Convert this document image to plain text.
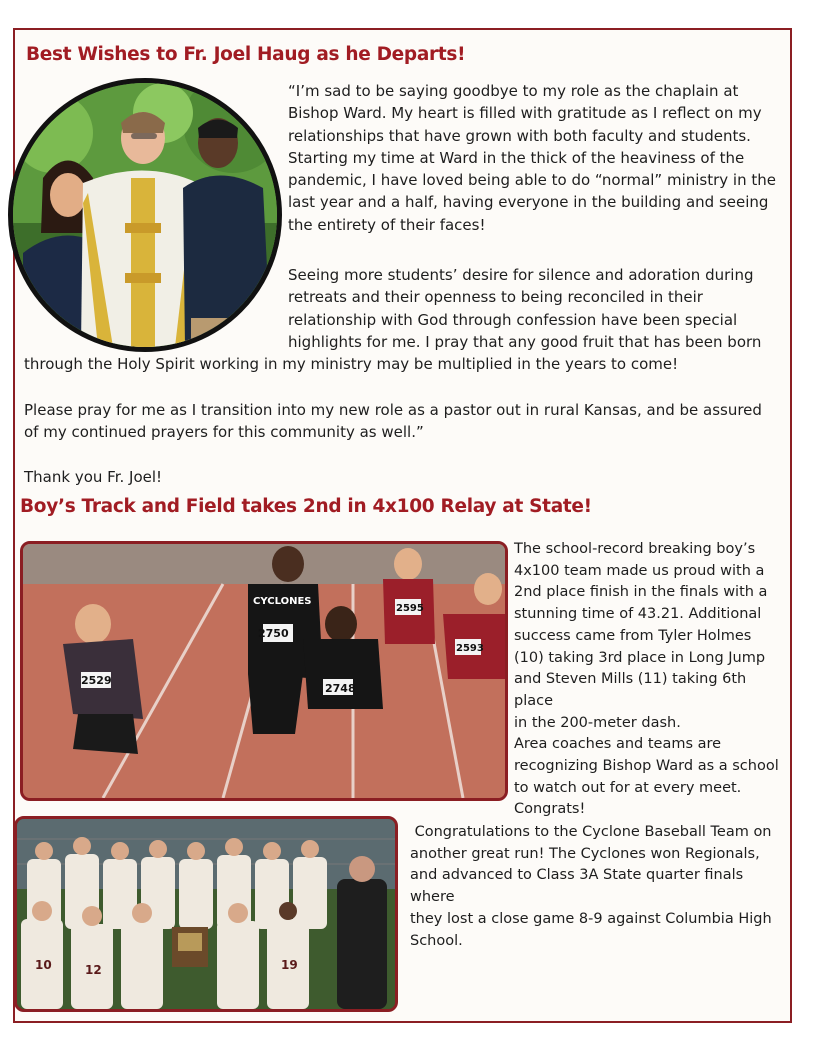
Best Wishes to Fr. Joel Haug as he Departs!
“I’m sad to be saying goodbye to my role as the chaplain at
Bishop Ward. My heart is filled with gratitude as I reflect on my
relationships that have grown with both faculty and students.
Starting my time at Ward in the thick of the heaviness of the
pandemic, I have loved being able to do “normal” ministry in the
last year and a half, having everyone in the building and seeing
the entirety of their faces!
Seeing more students’ desire for silence and adoration during
retreats and their openness to being reconciled in their
relationship with God through confession have been special
highlights for me. I pray that any good fruit that has been born
through the Holy Spirit working in my ministry may be multiplied in the years to come!
Please pray for me as I transition into my new role as a pastor out in rural Kansas, and be assured
of my continued prayers for this community as well.”
Thank you Fr. Joel!
Boy’s Track and Field takes 2nd in 4x100 Relay at State!
2750
2748
2529
2595
2593
CYCLONES
The school-record breaking boy’s
4x100 team made us proud with a
2nd place finish in the finals with a
stunning time of 43.21. Additional
success came from Tyler Holmes
(10) taking 3rd place in Long Jump
and Steven Mills (11) taking 6th place
in the 200-meter dash.
Area coaches and teams are
recognizing Bishop Ward as a school
to watch out for at every meet.
Congrats!
10	12	19
Congratulations to the Cyclone Baseball Team on
another great run! The Cyclones won Regionals,
and advanced to Class 3A State quarter finals where
they lost a close game 8-9 against Columbia High
School.
